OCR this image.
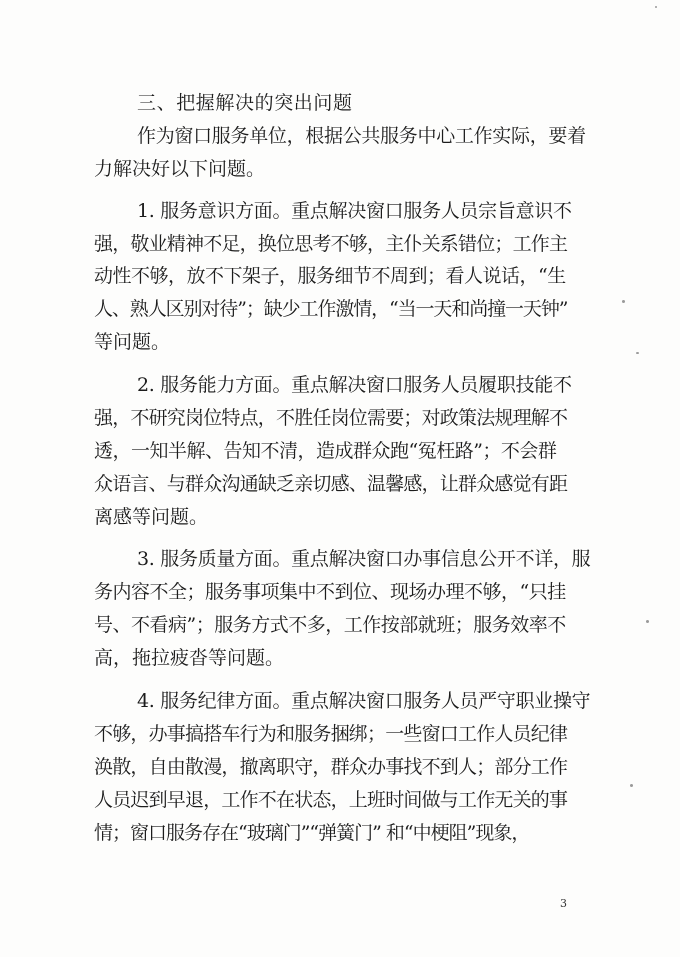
三、把握解决的突出问题
作为窗口服务单位，根据公共服务中心工作实际，要着
力解决好以下问题。
1. 服务意识方面。重点解决窗口服务人员宗旨意识不
强，敬业精神不足，换位思考不够，主仆关系错位；工作主
动性不够，放不下架子，服务细节不周到；看人说话，“生
人、熟人区别对待”；缺少工作激情，“当一天和尚撞一天钟”
等问题。
2. 服务能力方面。重点解决窗口服务人员履职技能不
强，不研究岗位特点，不胜任岗位需要；对政策法规理解不
透，一知半解、告知不清，造成群众跑“冤枉路”；不会群
众语言、与群众沟通缺乏亲切感、温馨感，让群众感觉有距
离感等问题。
3. 服务质量方面。重点解决窗口办事信息公开不详，服
务内容不全；服务事项集中不到位、现场办理不够，“只挂
号、不看病”；服务方式不多，工作按部就班；服务效率不
高，拖拉疲沓等问题。
4. 服务纪律方面。重点解决窗口服务人员严守职业操守
不够，办事搞搭车行为和服务捆绑；一些窗口工作人员纪律
涣散，自由散漫，撤离职守，群众办事找不到人；部分工作
人员迟到早退，工作不在状态，上班时间做与工作无关的事
情；窗口服务存在“玻璃门”“弹簧门” 和“中梗阻”现象，
3
